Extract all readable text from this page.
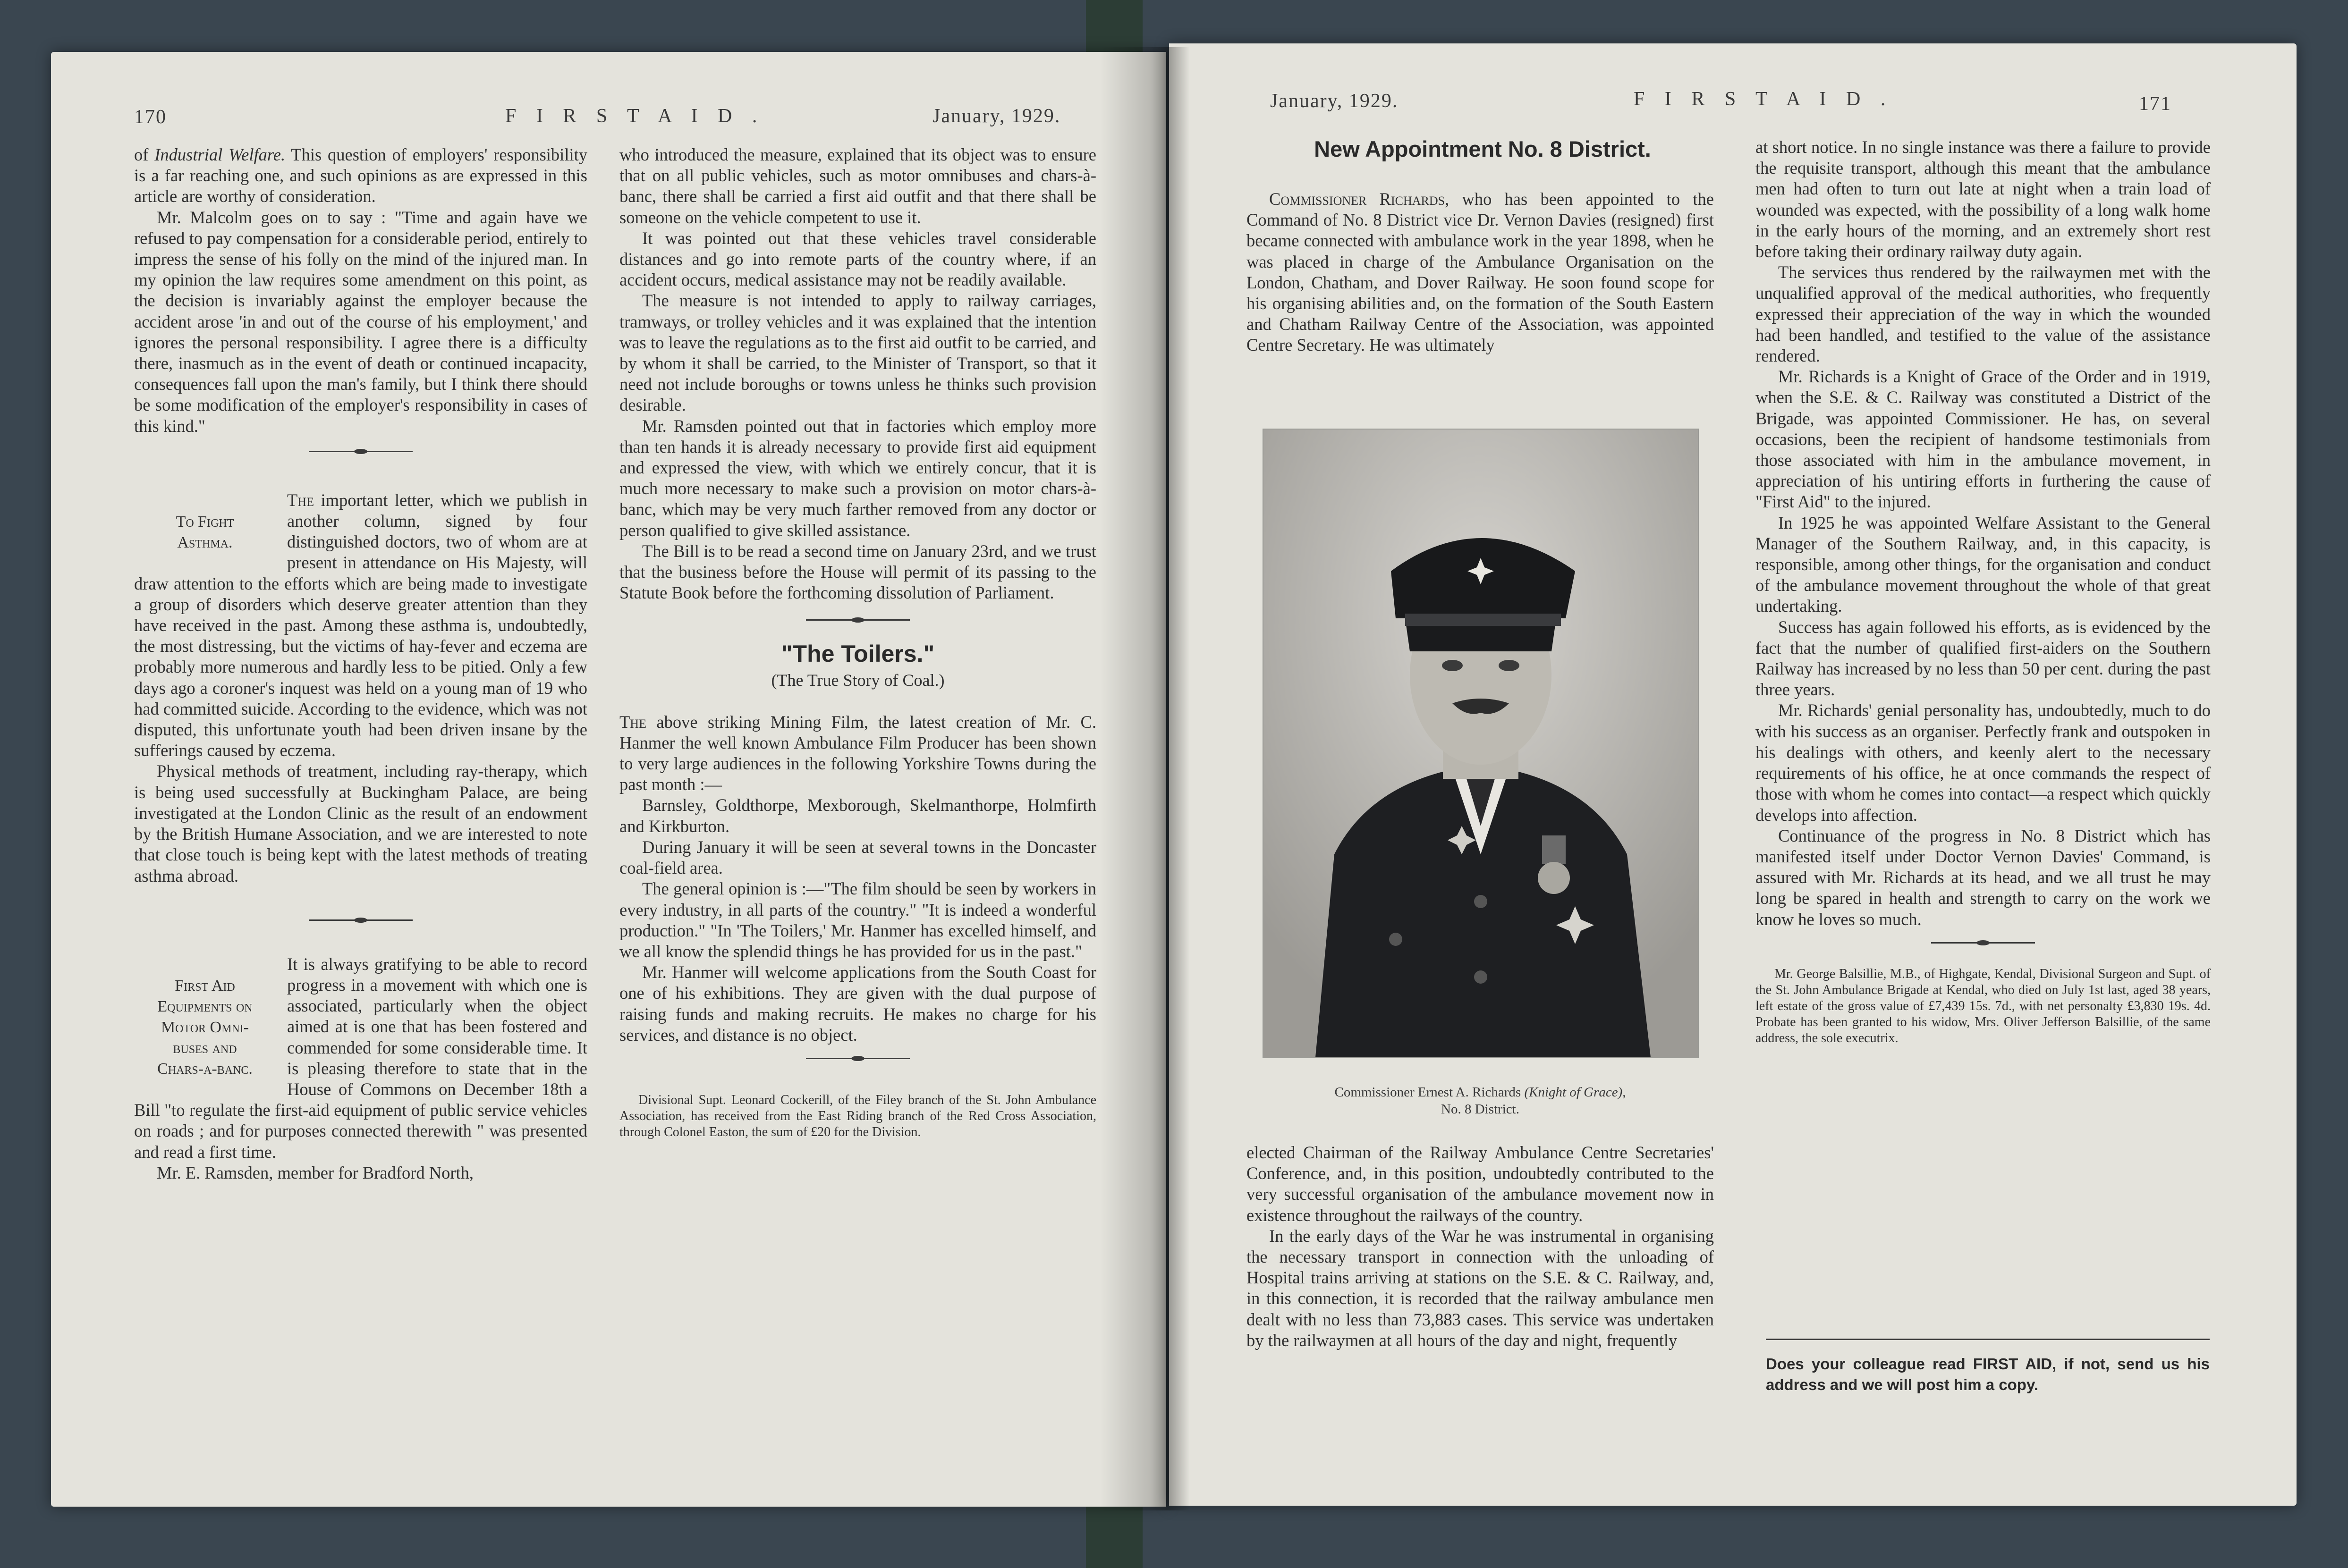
170	F I R S T A I D .	January, 1929.

of Industrial Welfare. This question of employers' responsibility is a far reaching one, and such opinions as are expressed in this article are worthy of consideration.

Mr. Malcolm goes on to say : "Time and again have we refused to pay compensation for a considerable period, entirely to impress the sense of his folly on the mind of the injured man. In my opinion the law requires some amendment on this point, as the decision is invariably against the employer because the accident arose 'in and out of the course of his employment,' and ignores the personal responsibility. I agree there is a difficulty there, inasmuch as in the event of death or continued incapacity, consequences fall upon the man's family, but I think there should be some modification of the employer's responsibility in cases of this kind."

To Fight
Asthma.

The important letter, which we publish in another column, signed by four distinguished doctors, two of whom are at present in attendance on His Majesty, will draw attention to the efforts which are being made to investigate a group of disorders which deserve greater attention than they have received in the past. Among these asthma is, undoubtedly, the most distressing, but the victims of hay-fever and eczema are probably more numerous and hardly less to be pitied. Only a few days ago a coroner's inquest was held on a young man of 19 who had committed suicide. According to the evidence, which was not disputed, this unfortunate youth had been driven insane by the sufferings caused by eczema.

Physical methods of treatment, including ray-therapy, which is being used successfully at Buckingham Palace, are being investigated at the London Clinic as the result of an endowment by the British Humane Association, and we are interested to note that close touch is being kept with the latest methods of treating asthma abroad.

First Aid
Equipments on
Motor Omni-
buses and
Chars-a-banc.

It is always gratifying to be able to record progress in a movement with which one is associated, particularly when the object aimed at is one that has been fostered and commended for some considerable time. It is pleasing therefore to state that in the House of Commons on December 18th a Bill "to regulate the first-aid equipment of public service vehicles on roads ; and for purposes connected therewith " was presented and read a first time.

Mr. E. Ramsden, member for Bradford North,

who introduced the measure, explained that its object was to ensure that on all public vehicles, such as motor omnibuses and chars-à-banc, there shall be carried a first aid outfit and that there shall be someone on the vehicle competent to use it.

It was pointed out that these vehicles travel considerable distances and go into remote parts of the country where, if an accident occurs, medical assistance may not be readily available.

The measure is not intended to apply to railway carriages, tramways, or trolley vehicles and it was explained that the intention was to leave the regulations as to the first aid outfit to be carried, and by whom it shall be carried, to the Minister of Transport, so that it need not include boroughs or towns unless he thinks such provision desirable.

Mr. Ramsden pointed out that in factories which employ more than ten hands it is already necessary to provide first aid equipment and expressed the view, with which we entirely concur, that it is much more necessary to make such a provision on motor chars-à-banc, which may be very much farther removed from any doctor or person qualified to give skilled assistance.

The Bill is to be read a second time on January 23rd, and we trust that the business before the House will permit of its passing to the Statute Book before the forthcoming dissolution of Parliament.

"The Toilers."
(The True Story of Coal.)

The above striking Mining Film, the latest creation of Mr. C. Hanmer the well known Ambulance Film Producer has been shown to very large audiences in the following Yorkshire Towns during the past month :—

Barnsley, Goldthorpe, Mexborough, Skelmanthorpe, Holmfirth and Kirkburton.

During January it will be seen at several towns in the Doncaster coal-field area.

The general opinion is :—"The film should be seen by workers in every industry, in all parts of the country." "It is indeed a wonderful production." "In 'The Toilers,' Mr. Hanmer has excelled himself, and we all know the splendid things he has provided for us in the past."

Mr. Hanmer will welcome applications from the South Coast for one of his exhibitions. They are given with the dual purpose of raising funds and making recruits. He makes no charge for his services, and distance is no object.

Divisional Supt. Leonard Cockerill, of the Filey branch of the St. John Ambulance Association, has received from the East Riding branch of the Red Cross Association, through Colonel Easton, the sum of £20 for the Division.
January, 1929.	F I R S T A I D .	171
New Appointment No. 8 District.

Commissioner Richards, who has been appointed to the Command of No. 8 District vice Dr. Vernon Davies (resigned) first became connected with ambulance work in the year 1898, when he was placed in charge of the Ambulance Organisation on the London, Chatham, and Dover Railway. He soon found scope for his organising abilities and, on the formation of the South Eastern and Chatham Railway Centre of the Association, was appointed Centre Secretary. He was ultimately

Commissioner Ernest A. Richards (Knight of Grace),
No. 8 District.

elected Chairman of the Railway Ambulance Centre Secretaries' Conference, and, in this position, undoubtedly contributed to the very successful organisation of the ambulance movement now in existence throughout the railways of the country.

In the early days of the War he was instrumental in organising the necessary transport in connection with the unloading of Hospital trains arriving at stations on the S.E. & C. Railway, and, in this connection, it is recorded that the railway ambulance men dealt with no less than 73,883 cases. This service was undertaken by the railwaymen at all hours of the day and night, frequently

at short notice. In no single instance was there a failure to provide the requisite transport, although this meant that the ambulance men had often to turn out late at night when a train load of wounded was expected, with the possibility of a long walk home in the early hours of the morning, and an extremely short rest before taking their ordinary railway duty again.

The services thus rendered by the railwaymen met with the unqualified approval of the medical authorities, who frequently expressed their appreciation of the way in which the wounded had been handled, and testified to the value of the assistance rendered.

Mr. Richards is a Knight of Grace of the Order and in 1919, when the S.E. & C. Railway was constituted a District of the Brigade, was appointed Commissioner. He has, on several occasions, been the recipient of handsome testimonials from those associated with him in the ambulance movement, in appreciation of his untiring efforts in furthering the cause of "First Aid" to the injured.

In 1925 he was appointed Welfare Assistant to the General Manager of the Southern Railway, and, in this capacity, is responsible, among other things, for the organisation and conduct of the ambulance movement throughout the whole of that great undertaking.

Success has again followed his efforts, as is evidenced by the fact that the number of qualified first-aiders on the Southern Railway has increased by no less than 50 per cent. during the past three years.

Mr. Richards' genial personality has, undoubtedly, much to do with his success as an organiser. Perfectly frank and outspoken in his dealings with others, and keenly alert to the necessary requirements of his office, he at once commands the respect of those with whom he comes into contact—a respect which quickly develops into affection.

Continuance of the progress in No. 8 District which has manifested itself under Doctor Vernon Davies' Command, is assured with Mr. Richards at its head, and we all trust he may long be spared in health and strength to carry on the work we know he loves so much.

Mr. George Balsillie, M.B., of Highgate, Kendal, Divisional Surgeon and Supt. of the St. John Ambulance Brigade at Kendal, who died on July 1st last, aged 38 years, left estate of the gross value of £7,439 15s. 7d., with net personalty £3,830 19s. 4d. Probate has been granted to his widow, Mrs. Oliver Jefferson Balsillie, of the same address, the sole executrix.
Does your colleague read FIRST AID, if not, send us his address and we will post him a copy.
